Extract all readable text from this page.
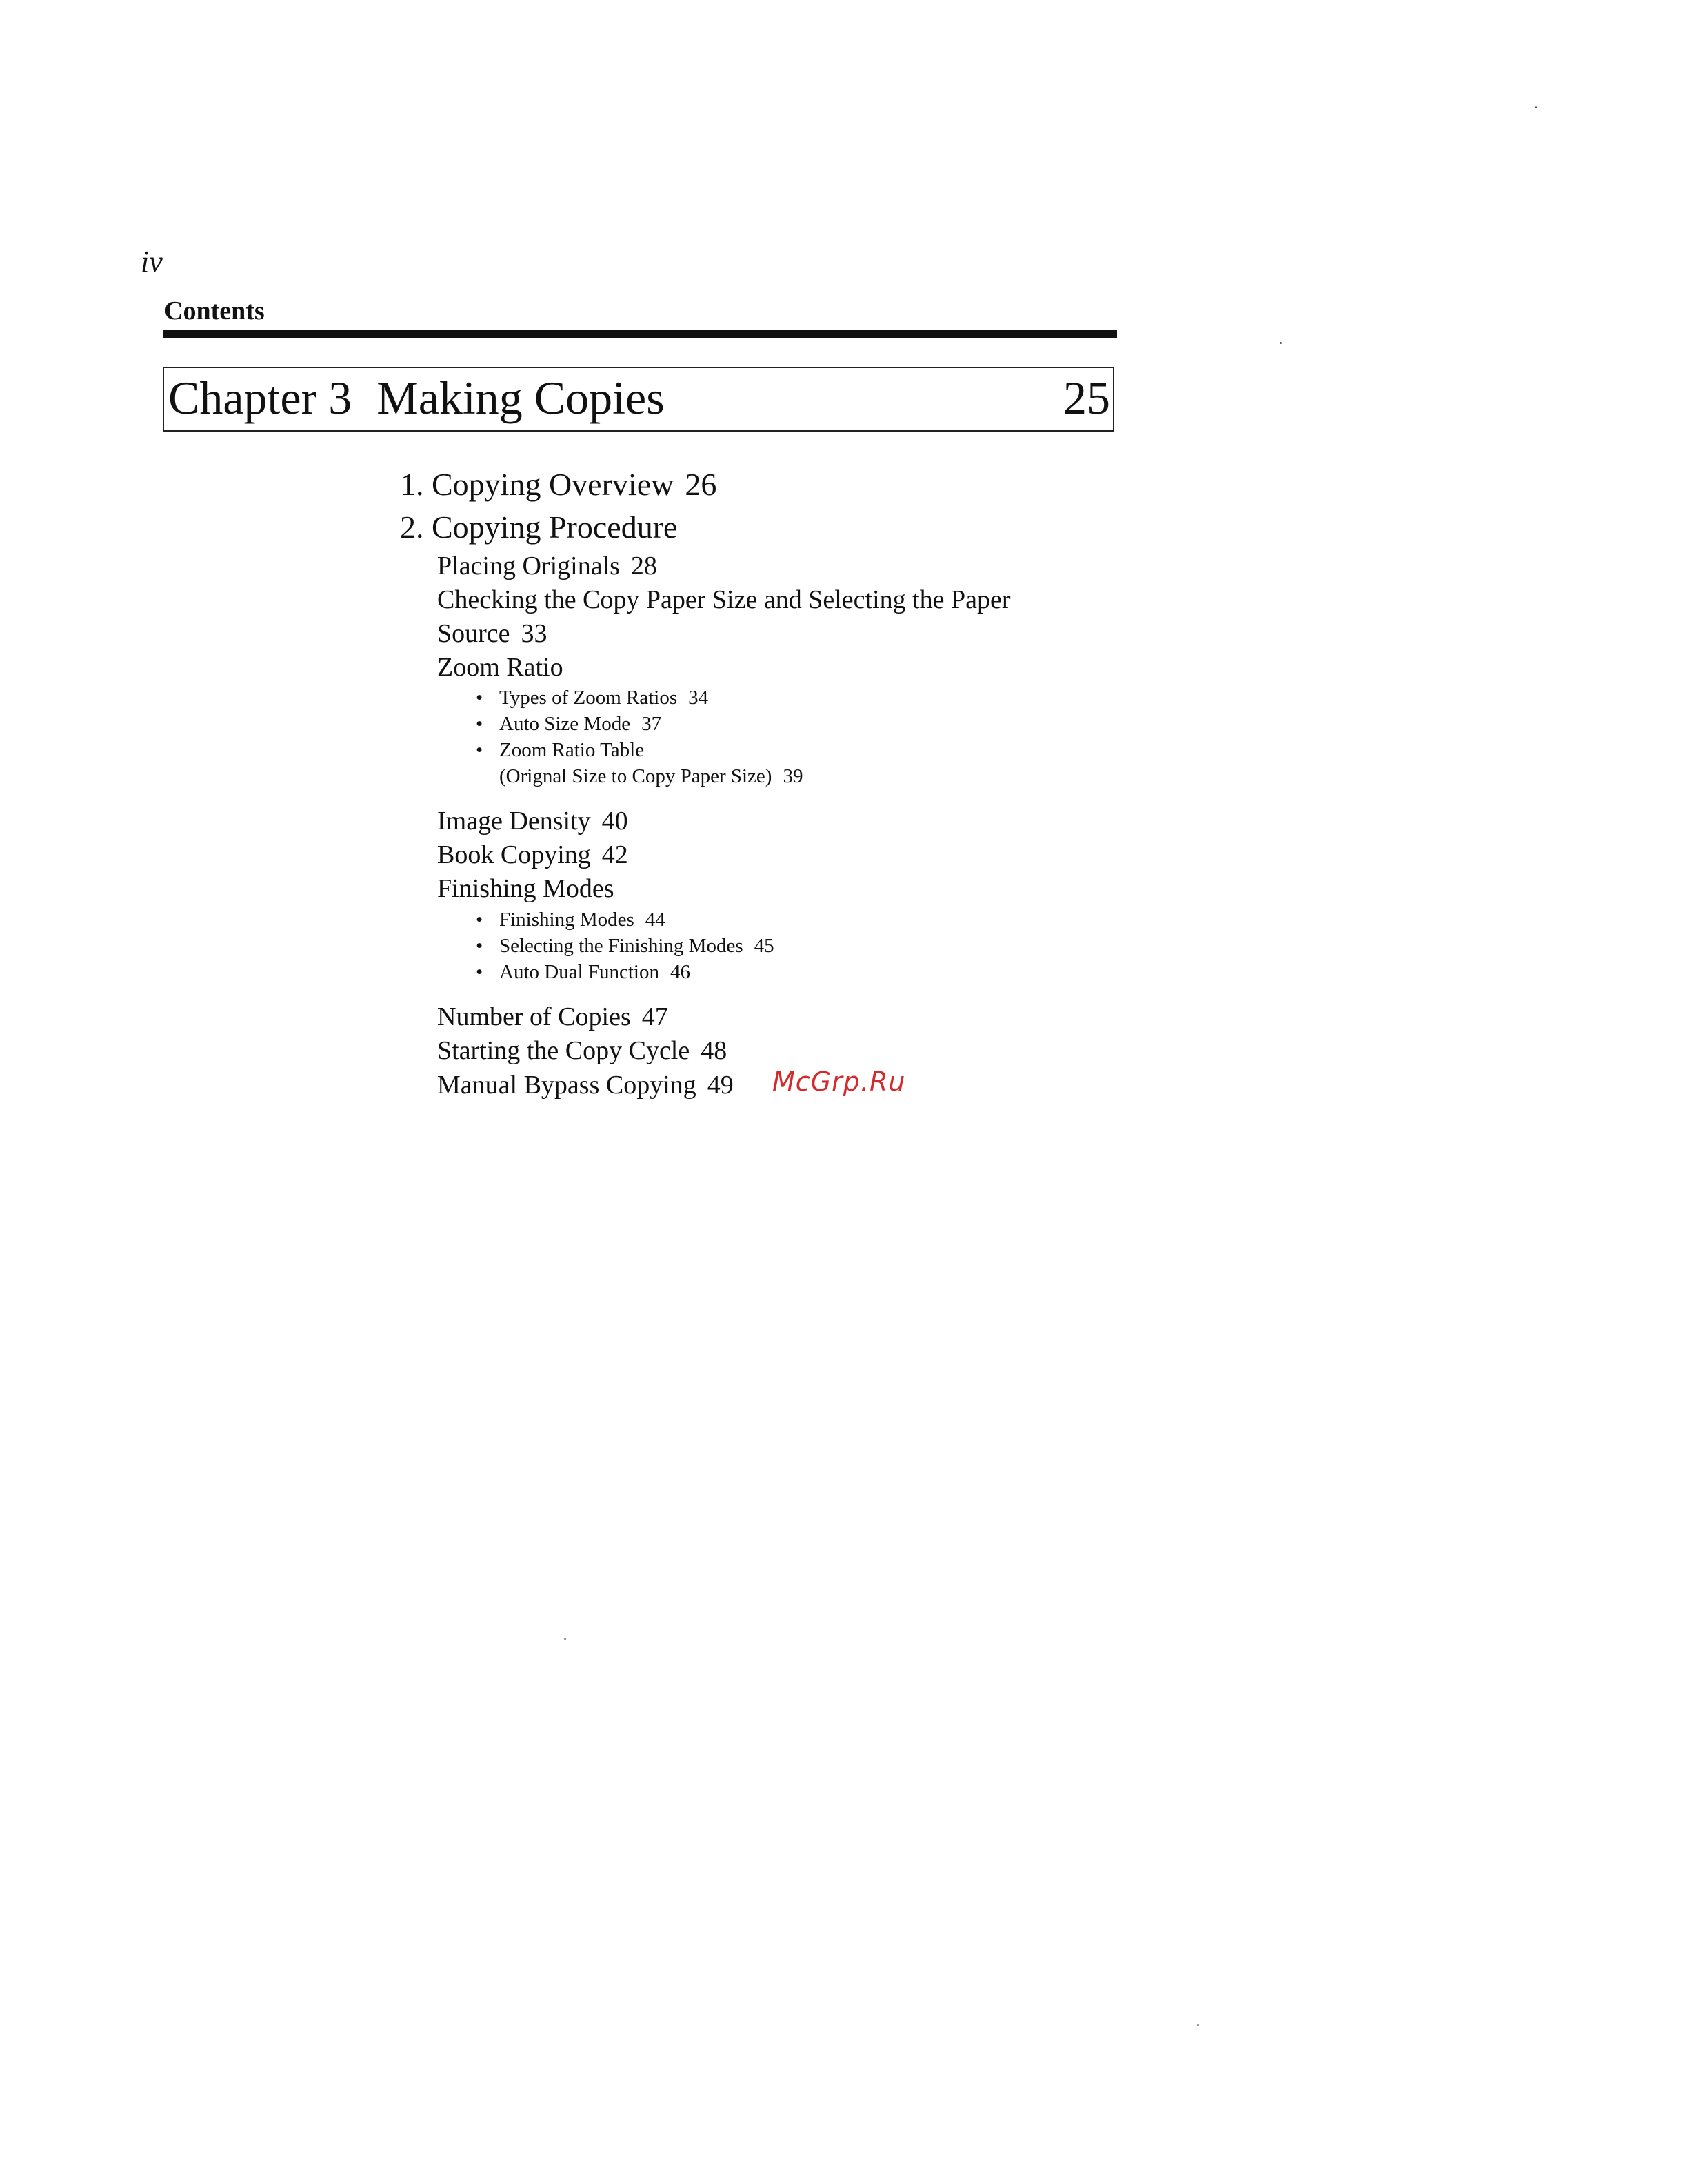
iv
Contents
Chapter 3 Making Copies	25
1. Copying Overview 26
2. Copying Procedure
Placing Originals 28
Checking the Copy Paper Size and Selecting the Paper
Source 33
Zoom Ratio
• Types of Zoom Ratios 34
• Auto Size Mode 37
• Zoom Ratio Table
(Orignal Size to Copy Paper Size) 39
Image Density 40
Book Copying 42
Finishing Modes
• Finishing Modes 44
• Selecting the Finishing Modes 45
• Auto Dual Function 46
Number of Copies 47
Starting the Copy Cycle 48
Manual Bypass Copying 49 McGrp.Ru
